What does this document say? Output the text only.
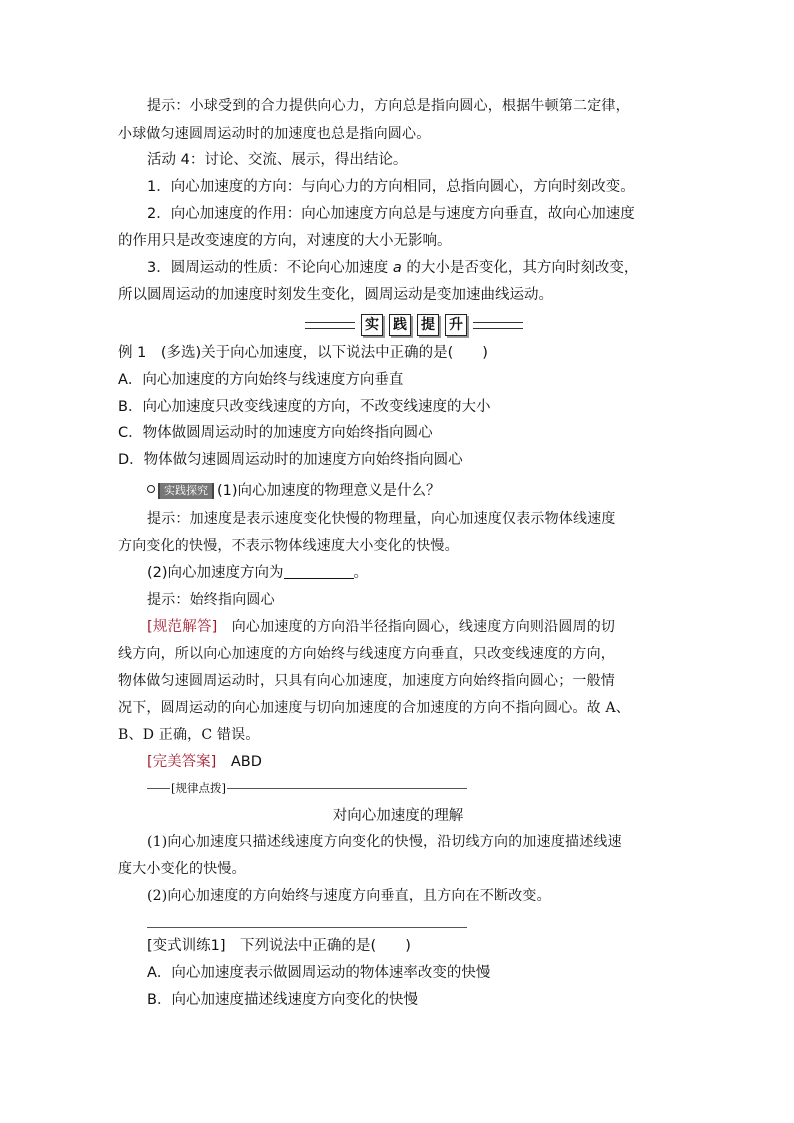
提示：小球受到的合力提供向心力，方向总是指向圆心，根据牛顿第二定律，
小球做匀速圆周运动时的加速度也总是指向圆心。
活动 4：讨论、交流、展示，得出结论。
1．向心加速度的方向：与向心力的方向相同，总指向圆心，方向时刻改变。
2．向心加速度的作用：向心加速度方向总是与速度方向垂直，故向心加速度
的作用只是改变速度的方向，对速度的大小无影响。
3．圆周运动的性质：不论向心加速度 a 的大小是否变化，其方向时刻改变，
所以圆周运动的加速度时刻发生变化，圆周运动是变加速曲线运动。
实 践 提 升
例 1　(多选)关于向心加速度，以下说法中正确的是(　　)
A．向心加速度的方向始终与线速度方向垂直
B．向心加速度只改变线速度的方向，不改变线速度的大小
C．物体做圆周运动时的加速度方向始终指向圆心
D．物体做匀速圆周运动时的加速度方向始终指向圆心
实践探究 (1)向心加速度的物理意义是什么？
提示：加速度是表示速度变化快慢的物理量，向心加速度仅表示物体线速度
方向变化的快慢，不表示物体线速度大小变化的快慢。
(2)向心加速度方向为	。
提示：始终指向圆心
[规范解答]　向心加速度的方向沿半径指向圆心，线速度方向则沿圆周的切
线方向，所以向心加速度的方向始终与线速度方向垂直，只改变线速度的方向，
物体做匀速圆周运动时，只具有向心加速度，加速度方向始终指向圆心；一般情
况下，圆周运动的向心加速度与切向加速度的合加速度的方向不指向圆心。故 A、
B、D 正确，C 错误。
[完美答案]　ABD
[规律点拨]
对向心加速度的理解
(1)向心加速度只描述线速度方向变化的快慢，沿切线方向的加速度描述线速
度大小变化的快慢。
(2)向心加速度的方向始终与速度方向垂直，且方向在不断改变。
[变式训练1]　下列说法中正确的是(　　)
A．向心加速度表示做圆周运动的物体速率改变的快慢
B．向心加速度描述线速度方向变化的快慢
